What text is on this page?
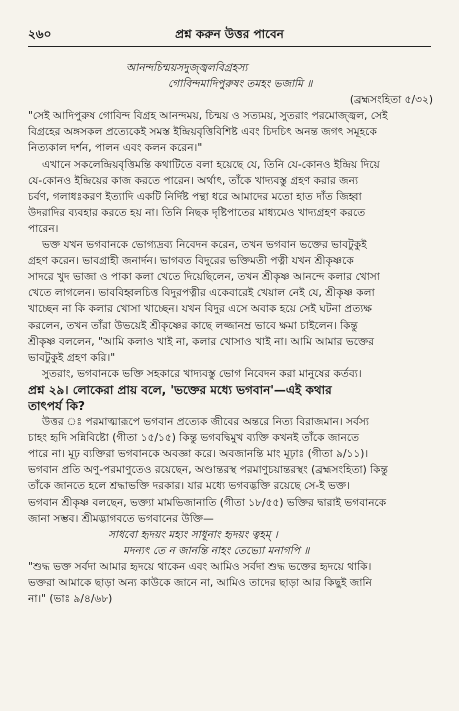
২৬০	প্রশ্ন করুন উত্তর পাবেন
আনন্দচিন্ময়সদুজ্জ্বলবিগ্রহস্য
গোবিন্দমাদিপুরুষং তমহং ভজামি ॥
(ব্রহ্মসংহিতা ৫/৩২)
"সেই আদিপুরুষ গোবিন্দ বিগ্রহ আনন্দময়, চিন্ময় ও সত্যময়, সুতরাং পরমোজ্জ্বল, সেই
বিগ্রহের অঙ্গসকল প্রত্যেকেই সমস্ত ইন্দ্রিয়বৃত্তিবিশিষ্ট এবং চিদচিৎ অনন্ত জগৎ সমূহকে
নিত্যকাল দর্শন, পালন এবং কলন করেন।"
এখানে সকলেন্দ্রিয়বৃত্তিমন্তি কথাটিতে বলা হয়েছে যে, তিনি যে-কোনও ইন্দ্রিয় দিয়ে
যে-কোনও ইন্দ্রিয়ের কাজ করতে পারেন। অর্থাৎ, তাঁকে খাদ্যবস্তু গ্রহণ করার জন্য
চর্বণ, গলাধঃকরণ ইত্যাদি একটি নির্দিষ্ট পন্থা ধরে আমাদের মতো হাত দাঁত জিহ্বা
উদরাদির ব্যবহার করতে হয় না। তিনি নিছক দৃষ্টিপাতের মাধ্যমেও খাদ্যগ্রহণ করতে
পারেন।
ভক্ত যখন ভগবানকে ভোগ্যদ্রব্য নিবেদন করেন, তখন ভগবান ভক্তের ভাবটুকুই
গ্রহণ করেন। ভাবগ্রাহী জনার্দন। ভাগবত বিদুরের ভক্তিমতী পত্নী যখন শ্রীকৃষ্ণকে
সাদরে খুদ ভাজা ও পাকা কলা খেতে দিয়েছিলেন, তখন শ্রীকৃষ্ণ আনন্দে কলার খোসা
খেতে লাগলেন। ভাববিহ্বলচিত্ত বিদুরপত্নীর একেবারেই খেয়াল নেই যে, শ্রীকৃষ্ণ কলা
খাচ্ছেন না কি কলার খোসা খাচ্ছেন। যখন বিদুর এসে অবাক হয়ে সেই ঘটনা প্রত্যক্ষ
করলেন, তখন তাঁরা উভয়েই শ্রীকৃষ্ণের কাছে লজ্জানম্র ভাবে ক্ষমা চাইলেন। কিন্তু
শ্রীকৃষ্ণ বললেন, "আমি কলাও খাই না, কলার খোসাও খাই না। আমি আমার ভক্তের
ভাবটুকুই গ্রহণ করি।"
সুতরাং, ভগবানকে ভক্তি সহকারে খাদ্যবস্তু ভোগ নিবেদন করা মানুষের কর্তব্য।
প্রশ্ন ২৯। লোকেরা প্রায় বলে, 'ভক্তের মধ্যে ভগবান'—এই কথার
তাৎপর্য কি?
উত্তর ঃ পরমাত্মারূপে ভগবান প্রত্যেক জীবের অন্তরে নিত্য বিরাজমান। সর্বস্য
চাহং হৃদি সন্নিবিষ্টো (গীতা ১৫/১৫) কিন্তু ভগবদ্বিমুখ ব্যক্তি কখনই তাঁকে জানতে
পারে না। মূঢ় ব্যক্তিরা ভগবানকে অবজ্ঞা করে। অবজানন্তি মাং মূঢ়াঃ (গীতা ৯/১১)।
ভগবান প্রতি অণু-পরমাণুতেও রয়েছেন, অণ্ডান্তরস্থ পরমাণুচয়ান্তরস্থং (ব্রহ্মসংহিতা) কিন্তু
তাঁকে জানতে হলে শ্রদ্ধাভক্তি দরকার। যার মধ্যে ভগবদ্ভক্তি রয়েছে সে-ই ভক্ত।
ভগবান শ্রীকৃষ্ণ বলছেন, ভক্ত্যা মামভিজানাতি (গীতা ১৮/৫৫) ভক্তির দ্বারাই ভগবানকে
জানা সম্ভব। শ্রীমদ্ভাগবতে ভগবানের উক্তি—
সাধবো হৃদয়ং মহ্যং সাধূনাং হৃদয়ং ত্বহম্ ।
মদন্যৎ তে ন জানন্তি নাহং তেভ্যো মনাগপি ॥
"শুদ্ধ ভক্ত সর্বদা আমার হৃদয়ে থাকেন এবং আমিও সর্বদা শুদ্ধ ভক্তের হৃদয়ে থাকি।
ভক্তরা আমাকে ছাড়া অন্য কাউকে জানে না, আমিও তাদের ছাড়া আর কিছুই জানি
না।" (ভাঃ ৯/৪/৬৮)
